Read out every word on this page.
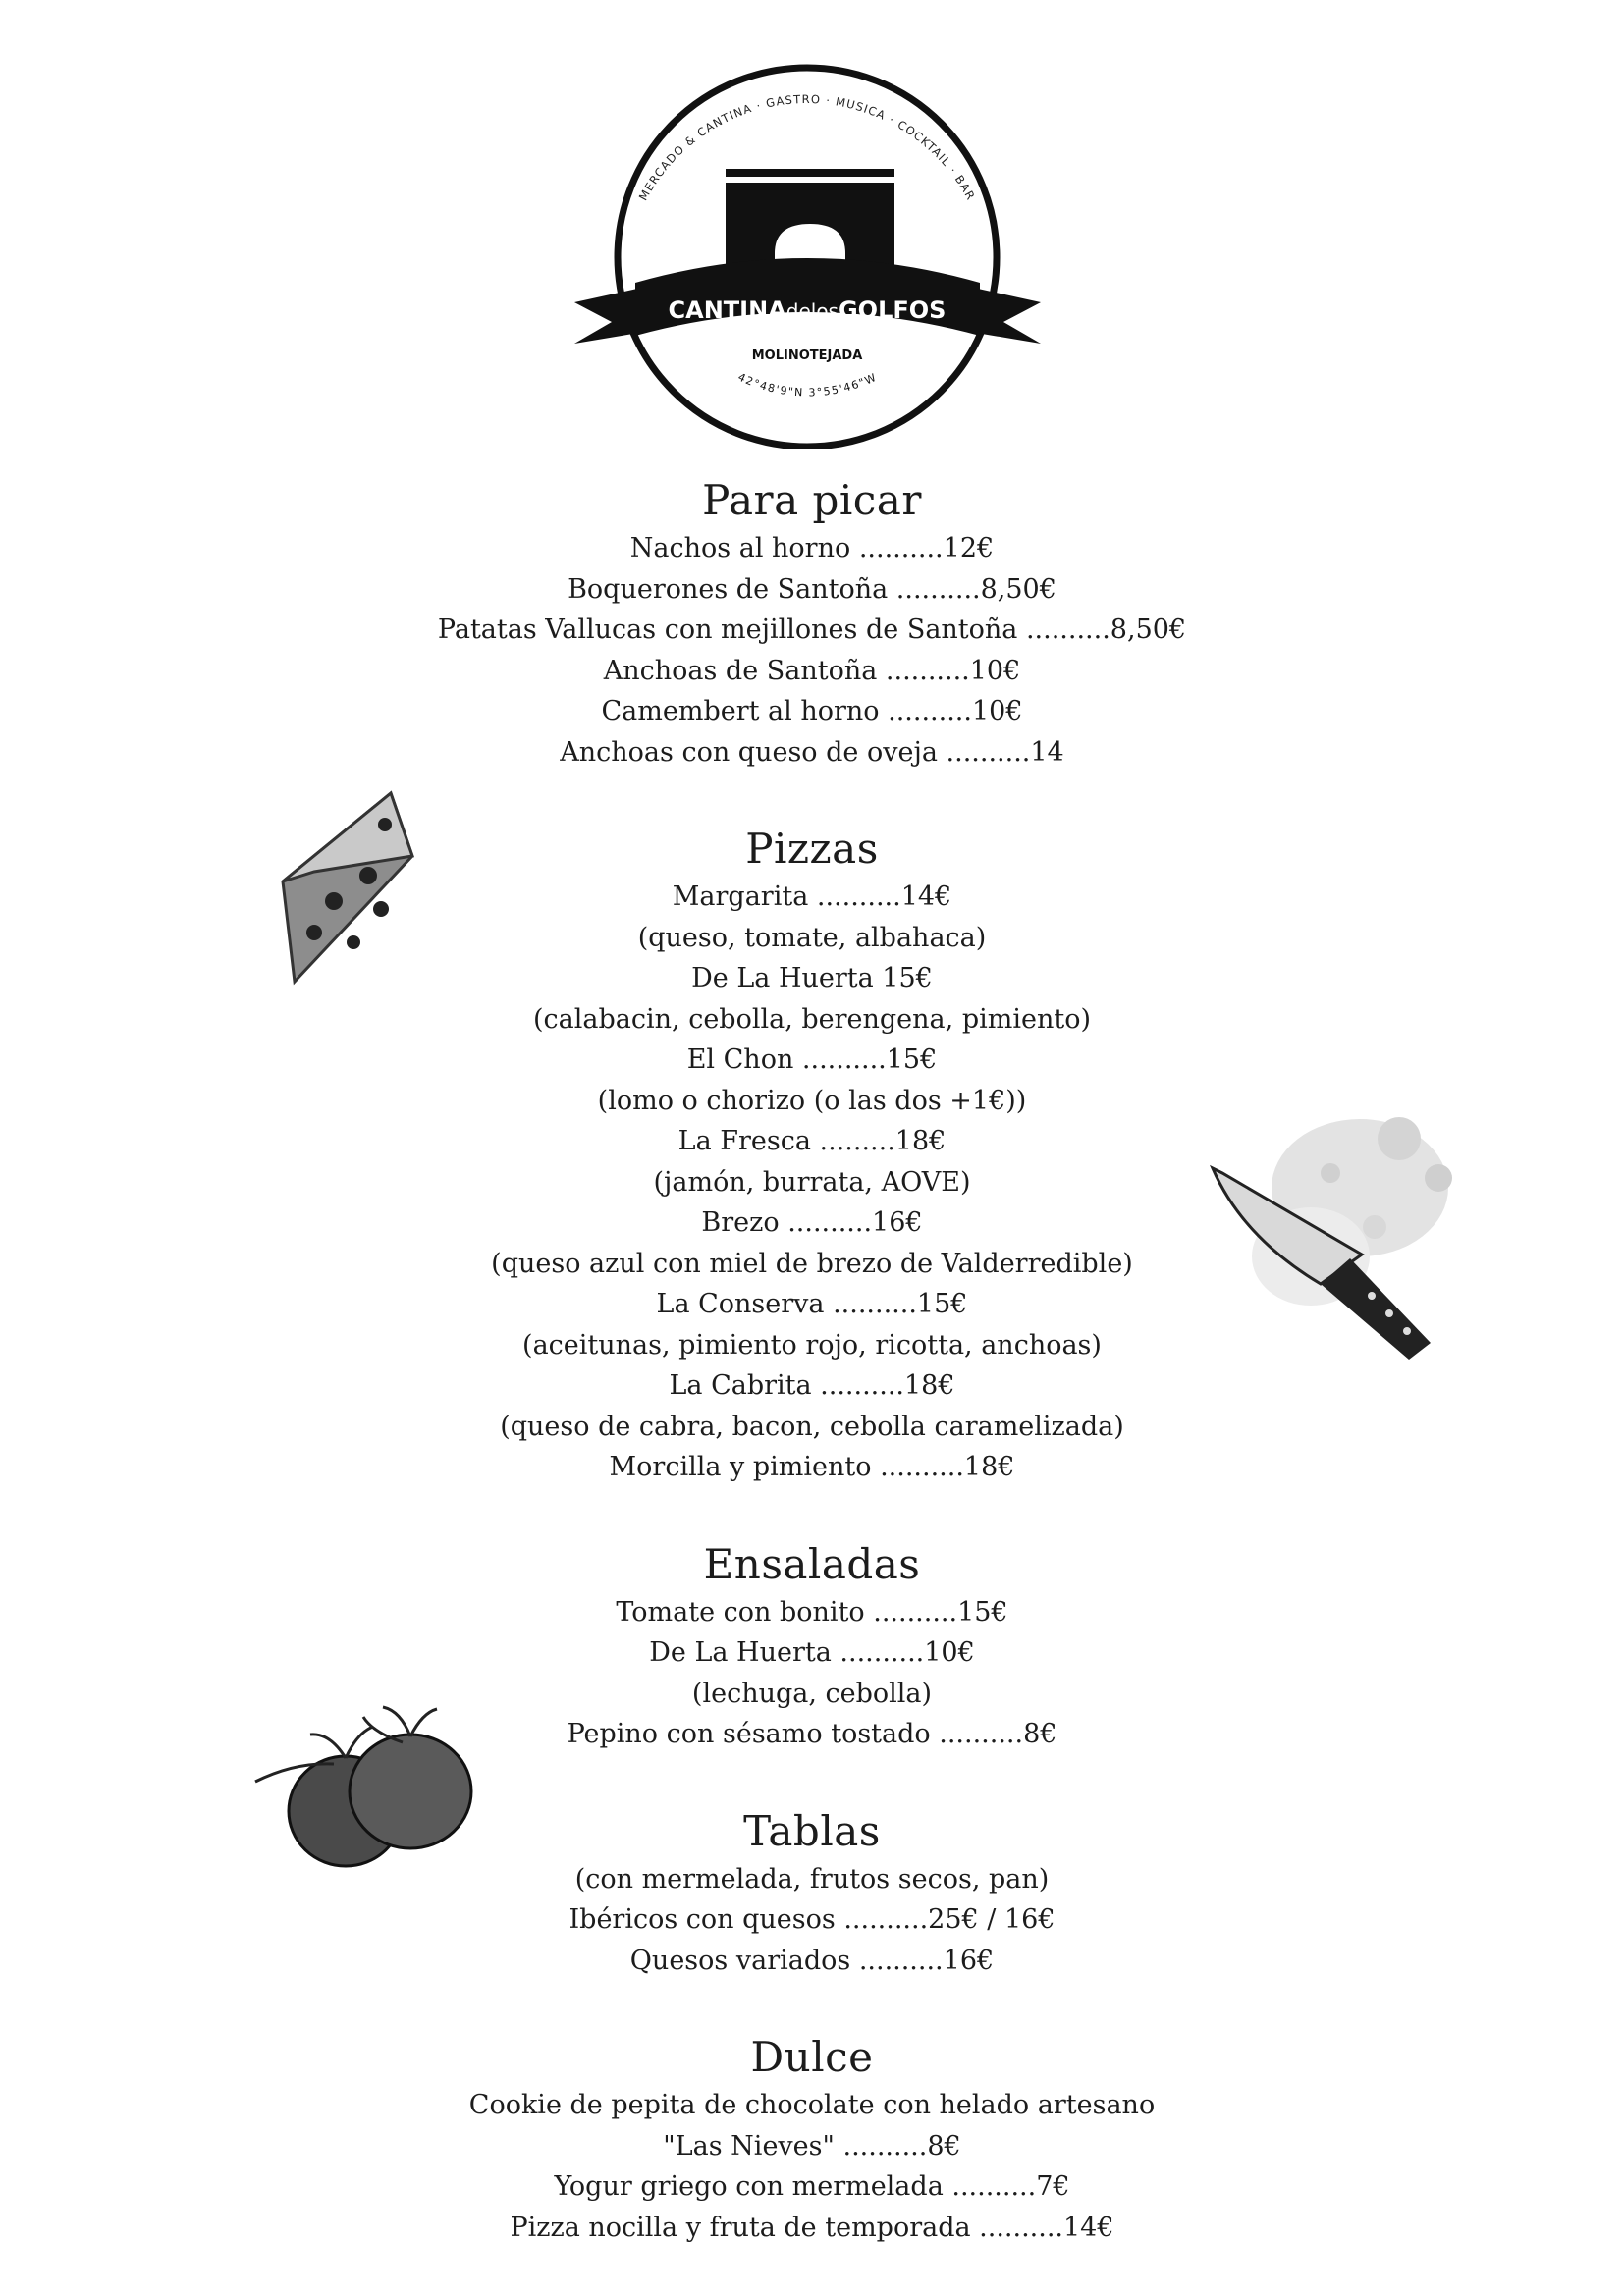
MERCADO & CANTINA · GASTRO · MUSICA · COCKTAIL · BAR
CANTINAdelosGOLFOS
MOLINOTEJADA
42°48'9"N 3°55'46"W
Para picar
Nachos al horno ..........12€
Boquerones de Santoña ..........8,50€
Patatas Vallucas con mejillones de Santoña ..........8,50€
Anchoas de Santoña ..........10€
Camembert al horno ..........10€
Anchoas con queso de oveja ..........14
Pizzas
Margarita ..........14€
(queso, tomate, albahaca)
De La Huerta 15€
(calabacin, cebolla, berengena, pimiento)
El Chon ..........15€
(lomo o chorizo (o las dos +1€))
La Fresca .........18€
(jamón, burrata, AOVE)
Brezo ..........16€
(queso azul con miel de brezo de Valderredible)
La Conserva ..........15€
(aceitunas, pimiento rojo, ricotta, anchoas)
La Cabrita ..........18€
(queso de cabra, bacon, cebolla caramelizada)
Morcilla y pimiento ..........18€
Ensaladas
Tomate con bonito ..........15€
De La Huerta ..........10€
(lechuga, cebolla)
Pepino con sésamo tostado ..........8€
Tablas
(con mermelada, frutos secos, pan)
Ibéricos con quesos ..........25€ / 16€
Quesos variados ..........16€
Dulce
Cookie de pepita de chocolate con helado artesano
"Las Nieves" ..........8€
Yogur griego con mermelada ..........7€
Pizza nocilla y fruta de temporada ..........14€
